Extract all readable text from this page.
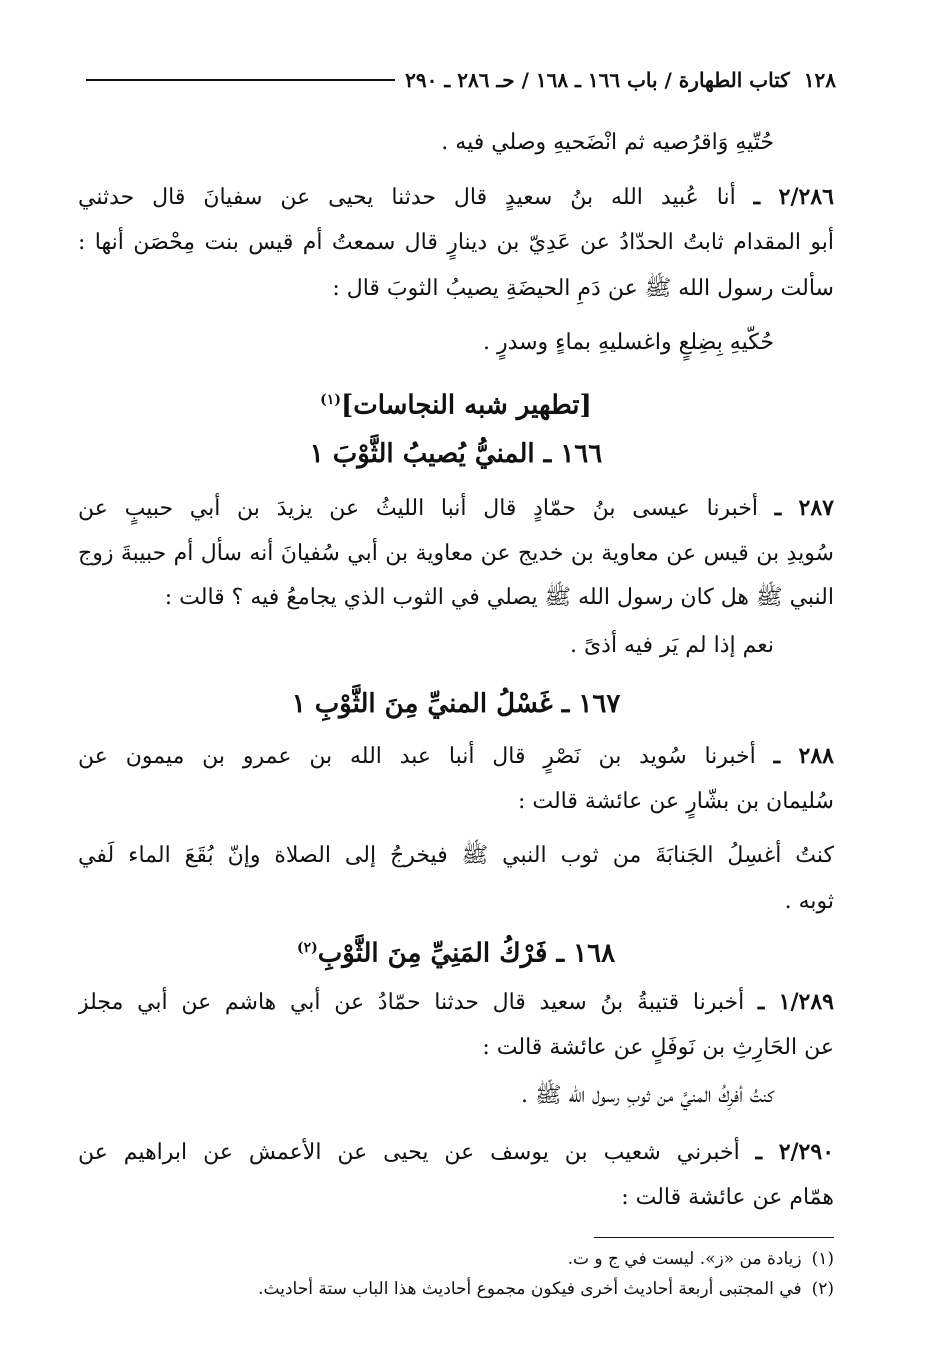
١٢٨
كتاب الطهارة / باب ١٦٦ ـ ١٦٨ / حـ ٢٨٦ ـ ٢٩٠
حُتّيهِ وَاقرُصيه ثم انْضَحيهِ وصلي فيه .
٢/٢٨٦ ـ أنا عُبيد الله بنُ سعيدٍ قال حدثنا يحيى عن سفيانَ قال حدثني
أبو المقدام ثابتُ الحدّادُ عن عَدِيّ بن دينارٍ قال سمعتُ أم قيس بنت مِحْصَن أنها :
سألت رسول الله ﷺ عن دَمِ الحيضَةِ يصيبُ الثوبَ قال :
حُكّيهِ بِضِلعٍ واغسليهِ بماءٍ وسدرٍ .
[تطهير شبه النجاسات]$^{(١)}$
١٦٦ ـ المنيُّ يُصيبُ الثَّوْبَ ١
٢٨٧ ـ أخبرنا عيسى بنُ حمّادٍ قال أنبا الليثُ عن يزيدَ بن أبي حبيبٍ عن
سُويدِ بن قيس عن معاوية بن خديج عن معاوية بن أبي سُفيانَ أنه سأل أم حبيبةَ زوج
النبي ﷺ هل كان رسول الله ﷺ يصلي في الثوب الذي يجامعُ فيه ؟ قالت :
نعم إذا لم يَر فيه أذىً .
١٦٧ ـ غَسْلُ المنيِّ مِنَ الثَّوْبِ ١
٢٨٨ ـ أخبرنا سُويد بن نَصْرٍ قال أنبا عبد الله بن عمرو بن ميمون عن
سُليمان بن بشّارٍ عن عائشة قالت :
كنتُ أغسِلُ الجَنابَةَ من ثوب النبي ﷺ فيخرجُ إلى الصلاة وإنّ بُقَعَ الماء لَفي
ثوبه .
١٦٨ ـ فَرْكُ المَنِيِّ مِنَ الثَّوْبِ$^{(٢)}$
١/٢٨٩ ـ أخبرنا قتيبةُ بنُ سعيد قال حدثنا حمّادُ عن أبي هاشم عن أبي مجلز
عن الحَارِثِ بن نَوفَلٍ عن عائشة قالت :
كنتُ أفرِكُ المنيَّ من ثوبِ رسول الله ﷺ .
٢/٢٩٠ ـ أخبرني شعيب بن يوسف عن يحيى عن الأعمش عن ابراهيم عن
همّام عن عائشة قالت :
(١)زيادة من «ز». ليست في ج و ت.
(٢)في المجتبى أربعة أحاديث أخرى فيكون مجموع أحاديث هذا الباب ستة أحاديث.
